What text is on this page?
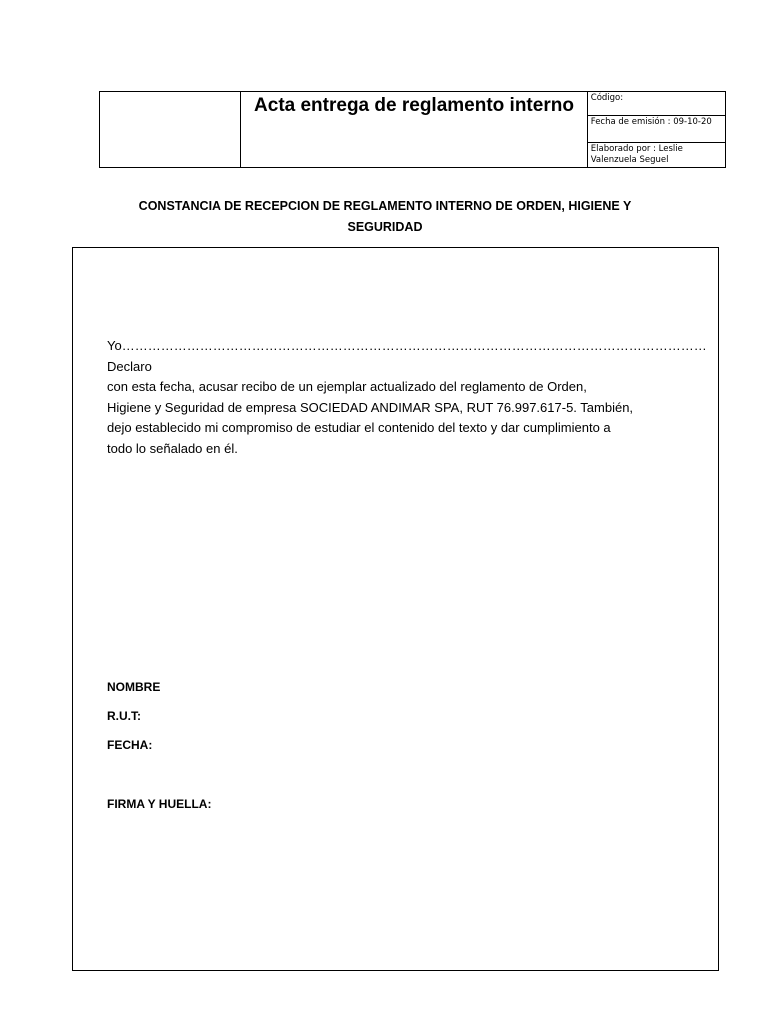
	Acta entrega de reglamento interno	Código:
Fecha de emisión : 09-10-20
Elaborado por : Leslie Valenzuela Seguel
CONSTANCIA DE RECEPCION DE REGLAMENTO INTERNO DE ORDEN, HIGIENE Y SEGURIDAD
Yo……………………………………………………………………………………………………………………… Declaro
con esta fecha, acusar recibo de un ejemplar actualizado del reglamento de Orden,
Higiene y Seguridad de empresa SOCIEDAD ANDIMAR SPA, RUT 76.997.617-5. También,
dejo establecido mi compromiso de estudiar el contenido del texto y dar cumplimiento a
todo lo señalado en él.
NOMBRE
R.U.T:
FECHA:
FIRMA Y HUELLA:
